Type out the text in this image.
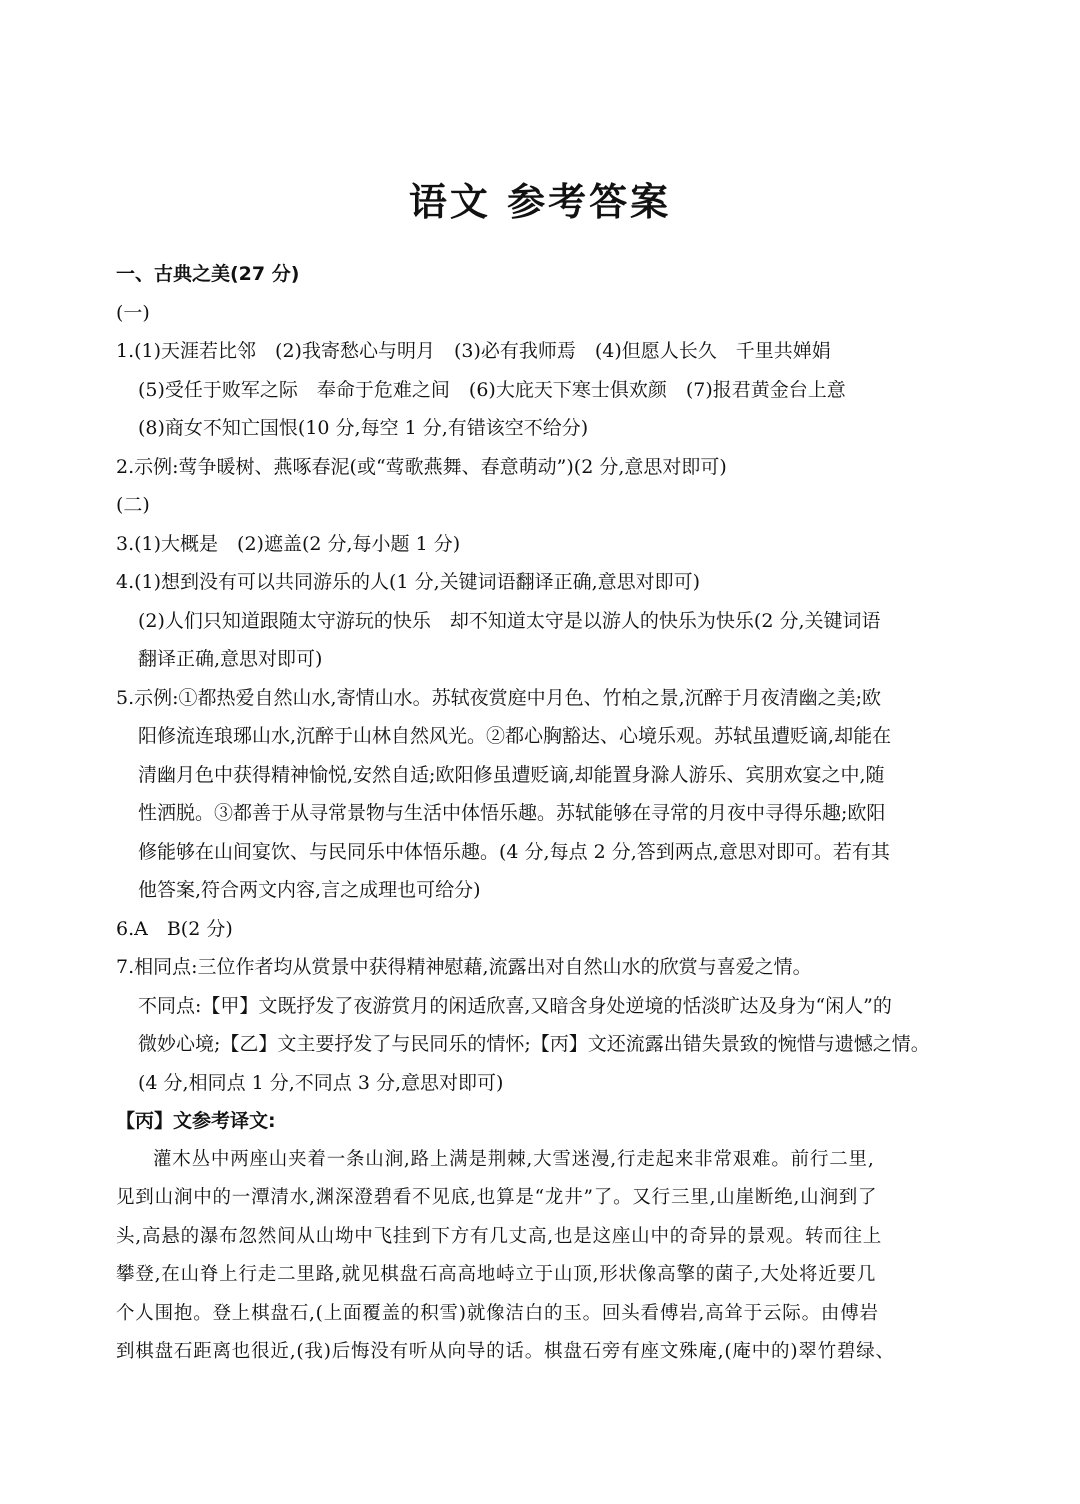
语文 参考答案

一、古典之美(27 分)

(一)

1.(1)天涯若比邻　(2)我寄愁心与明月　(3)必有我师焉　(4)但愿人长久　千里共婵娟

(5)受任于败军之际　奉命于危难之间　(6)大庇天下寒士俱欢颜　(7)报君黄金台上意

(8)商女不知亡国恨(10 分,每空 1 分,有错该空不给分)

2.示例:莺争暖树、燕啄春泥(或“莺歌燕舞、春意萌动”)(2 分,意思对即可)

(二)

3.(1)大概是　(2)遮盖(2 分,每小题 1 分)

4.(1)想到没有可以共同游乐的人(1 分,关键词语翻译正确,意思对即可)

(2)人们只知道跟随太守游玩的快乐　却不知道太守是以游人的快乐为快乐(2 分,关键词语

翻译正确,意思对即可)

5.示例:①都热爱自然山水,寄情山水。苏轼夜赏庭中月色、竹柏之景,沉醉于月夜清幽之美;欧

阳修流连琅琊山水,沉醉于山林自然风光。②都心胸豁达、心境乐观。苏轼虽遭贬谪,却能在

清幽月色中获得精神愉悦,安然自适;欧阳修虽遭贬谪,却能置身滁人游乐、宾朋欢宴之中,随

性洒脱。③都善于从寻常景物与生活中体悟乐趣。苏轼能够在寻常的月夜中寻得乐趣;欧阳

修能够在山间宴饮、与民同乐中体悟乐趣。(4 分,每点 2 分,答到两点,意思对即可。若有其

他答案,符合两文内容,言之成理也可给分)

6.A　B(2 分)

7.相同点:三位作者均从赏景中获得精神慰藉,流露出对自然山水的欣赏与喜爱之情。

不同点:【甲】文既抒发了夜游赏月的闲适欣喜,又暗含身处逆境的恬淡旷达及身为“闲人”的

微妙心境;【乙】文主要抒发了与民同乐的情怀;【丙】文还流露出错失景致的惋惜与遗憾之情。

(4 分,相同点 1 分,不同点 3 分,意思对即可)

【丙】文参考译文:

灌木丛中两座山夹着一条山涧,路上满是荆棘,大雪迷漫,行走起来非常艰难。前行二里,

见到山涧中的一潭清水,渊深澄碧看不见底,也算是“龙井”了。又行三里,山崖断绝,山涧到了

头,高悬的瀑布忽然间从山坳中飞挂到下方有几丈高,也是这座山中的奇异的景观。转而往上

攀登,在山脊上行走二里路,就见棋盘石高高地峙立于山顶,形状像高擎的菌子,大处将近要几

个人围抱。登上棋盘石,(上面覆盖的积雪)就像洁白的玉。回头看傅岩,高耸于云际。由傅岩

到棋盘石距离也很近,(我)后悔没有听从向导的话。棋盘石旁有座文殊庵,(庵中的)翠竹碧绿、
